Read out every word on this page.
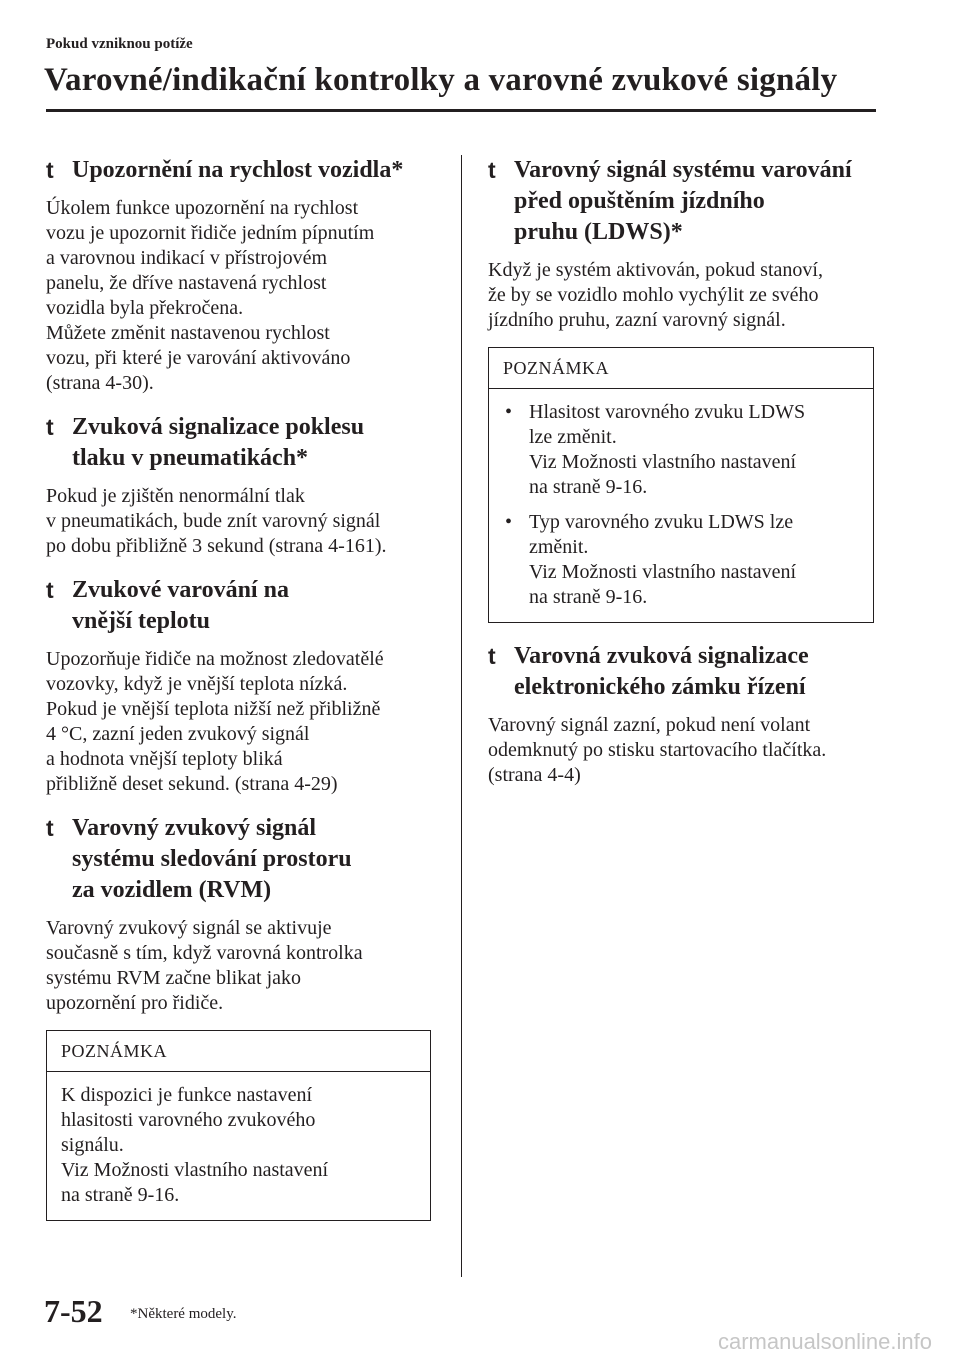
Pokud vzniknou potíže
Varovné/indikační kontrolky a varovné zvukové signály
t Upozornění na rychlost vozidla*
Úkolem funkce upozornění na rychlost
vozu je upozornit řidiče jedním pípnutím
a varovnou indikací v přístrojovém
panelu, že dříve nastavená rychlost
vozidla byla překročena.
Můžete změnit nastavenou rychlost
vozu, při které je varování aktivováno
(strana 4-30).
t Zvuková signalizace poklesu
tlaku v pneumatikách*
Pokud je zjištěn nenormální tlak
v pneumatikách, bude znít varovný signál
po dobu přibližně 3 sekund (strana 4-161).
t Zvukové varování na
vnější teplotu
Upozorňuje řidiče na možnost zledovatělé
vozovky, když je vnější teplota nízká.
Pokud je vnější teplota nižší než přibližně
4 °C, zazní jeden zvukový signál
a hodnota vnější teploty bliká
přibližně deset sekund. (strana 4-29)
t Varovný zvukový signál
systému sledování prostoru
za vozidlem (RVM)
Varovný zvukový signál se aktivuje
současně s tím, když varovná kontrolka
systému RVM začne blikat jako
upozornění pro řidiče.
POZNÁMKA
K dispozici je funkce nastavení
hlasitosti varovného zvukového
signálu.
Viz Možnosti vlastního nastavení
na straně 9-16.
t Varovný signál systému varování
před opuštěním jízdního
pruhu (LDWS)*
Když je systém aktivován, pokud stanoví,
že by se vozidlo mohlo vychýlit ze svého
jízdního pruhu, zazní varovný signál.
POZNÁMKA
• Hlasitost varovného zvuku LDWS
lze změnit.
Viz Možnosti vlastního nastavení
na straně 9-16.
• Typ varovného zvuku LDWS lze
změnit.
Viz Možnosti vlastního nastavení
na straně 9-16.
t Varovná zvuková signalizace
elektronického zámku řízení
Varovný signál zazní, pokud není volant
odemknutý po stisku startovacího tlačítka.
(strana 4-4)
7-52 *Některé modely.
carmanualsonline.info
